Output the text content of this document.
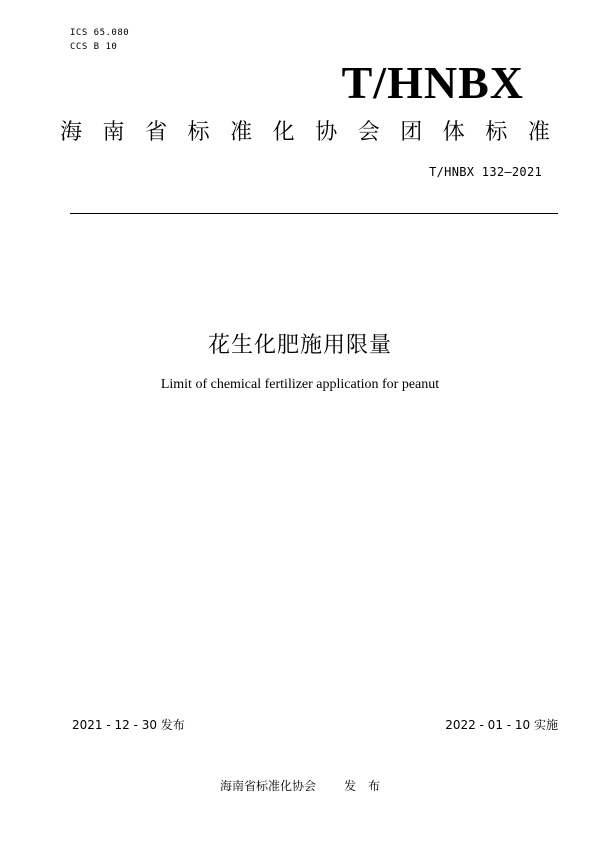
ICS 65.080
CCS B 10
T/HNBX
海 南 省 标 准 化 协 会 团 体 标 准
T/HNBX 132—2021
花生化肥施用限量
Limit of chemical fertilizer application for peanut
2021 - 12 - 30 发布	2022 - 01 - 10 实施
海南省标准化协会 发 布
